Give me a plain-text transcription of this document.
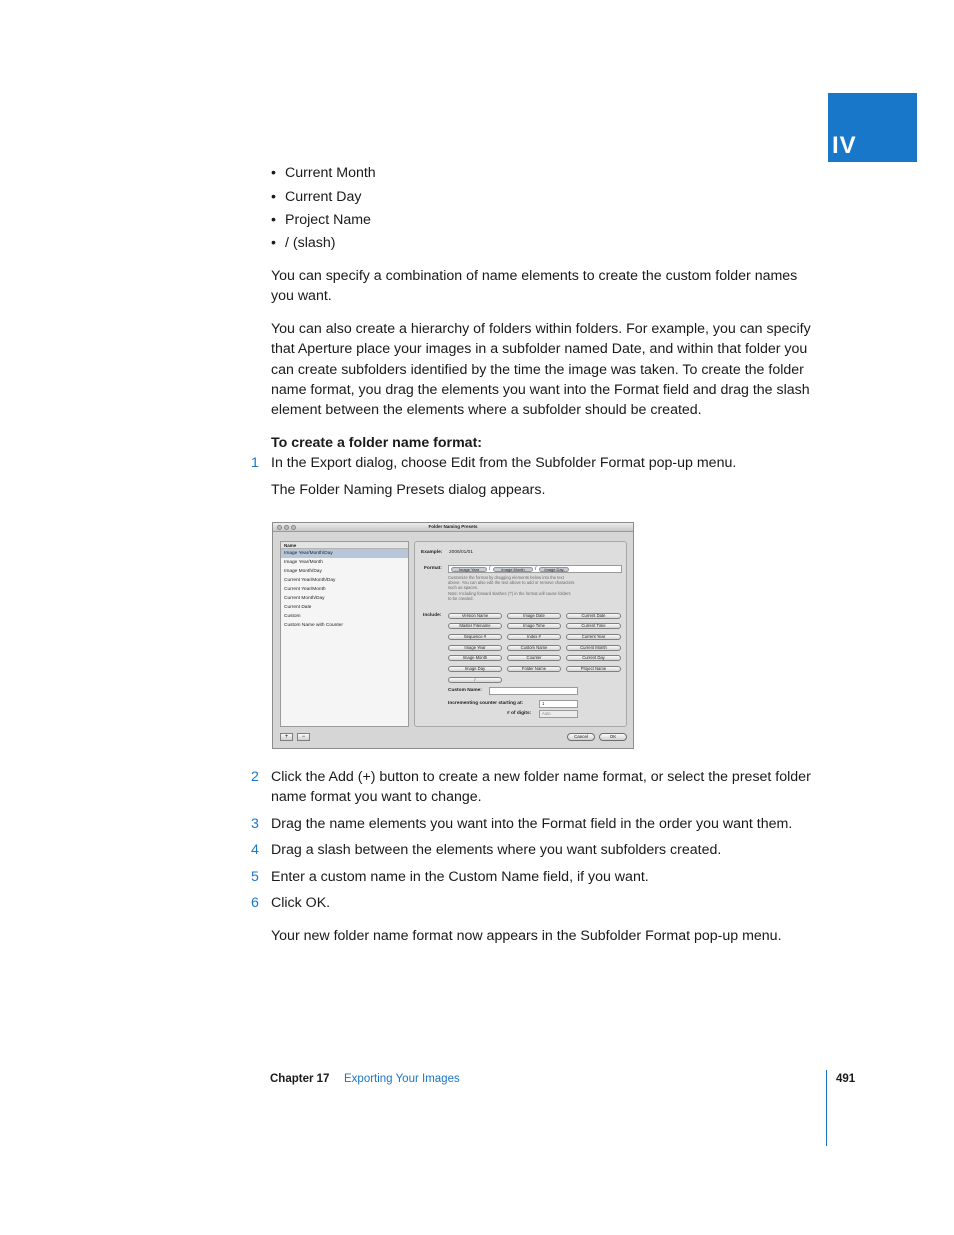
IV
• Current Month
• Current Day
• Project Name
• / (slash)
You can specify a combination of name elements to create the custom folder names
you want.
You can also create a hierarchy of folders within folders. For example, you can specify
that Aperture place your images in a subfolder named Date, and within that folder you
can create subfolders identified by the time the image was taken. To create the folder
name format, you drag the elements you want into the Format field and drag the slash
element between the elements where a subfolder should be created.
To create a folder name format:
1 In the Export dialog, choose Edit from the Subfolder Format pop-up menu.
The Folder Naming Presets dialog appears.
Folder Naming Presets
Name
Image Year/Month/Day
Image Year/Month
Image Month/Day
Current Year/Month/Day
Current Year/Month
Current Month/Day
Current Date
Custom
Custom Name with Counter
Example: 2006/01/01
Format:	Image Year	/	Image Month	/	Image Day
Customize the format by dragging elements below into the text
above. You can also edit the text above to add or remove characters
such as spaces.
Note: Including forward slashes ('/') in the format will cause folders
to be created.
Include:	Version Name	Image Date	Current Date
Master Filename	Image Time	Current Time
Sequence #	Index #	Current Year
Image Year	Custom Name	Current Month
Image Month	Counter	Current Day
Image Day	Folder Name	Project Name
/
Custom Name:
Incrementing counter starting at:	1
# of digits:	Auto
+	−	Cancel	OK
2 Click the Add (+) button to create a new folder name format, or select the preset folder
name format you want to change.
3 Drag the name elements you want into the Format field in the order you want them.
4 Drag a slash between the elements where you want subfolders created.
5 Enter a custom name in the Custom Name field, if you want.
6 Click OK.
Your new folder name format now appears in the Subfolder Format pop-up menu.
Chapter 17 Exporting Your Images	491
